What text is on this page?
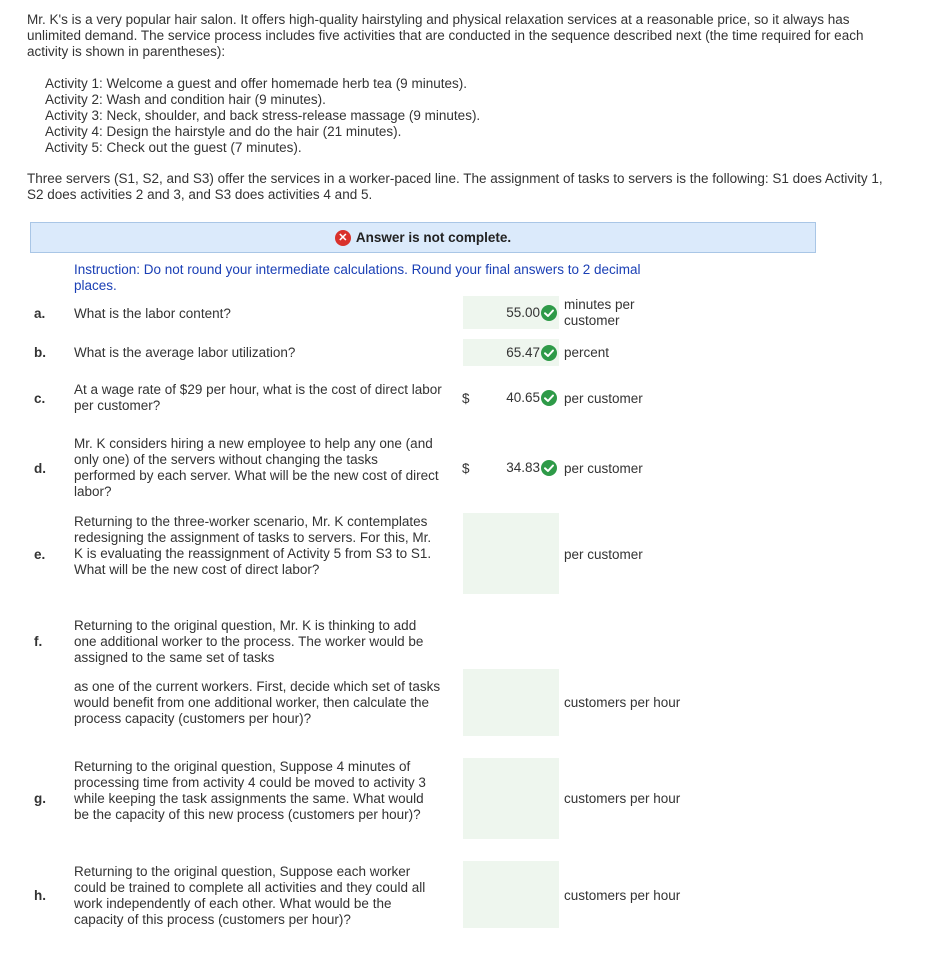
Mr. K's is a very popular hair salon. It offers high-quality hairstyling and physical relaxation services at a reasonable price, so it always has unlimited demand. The service process includes five activities that are conducted in the sequence described next (the time required for each activity is shown in parentheses):
Activity 1: Welcome a guest and offer homemade herb tea (9 minutes).
Activity 2: Wash and condition hair (9 minutes).
Activity 3: Neck, shoulder, and back stress-release massage (9 minutes).
Activity 4: Design the hairstyle and do the hair (21 minutes).
Activity 5: Check out the guest (7 minutes).
Three servers (S1, S2, and S3) offer the services in a worker-paced line. The assignment of tasks to servers is the following: S1 does Activity 1, S2 does activities 2 and 3, and S3 does activities 4 and 5.
✕ Answer is not complete.
Instruction: Do not round your intermediate calculations. Round your final answers to 2 decimal places.
a. What is the labor content?	55.00
minutes per customer
b. What is the average labor utilization?	65.47 percent
c.
At a wage rate of $29 per hour, what is the cost of direct labor per customer?	$	40.65 per customer
d.
Mr. K considers hiring a new employee to help any one (and only one) of the servers without changing the tasks performed by each server. What will be the new cost of direct labor?
$	34.83 per customer
e.
Returning to the three-worker scenario, Mr. K contemplates redesigning the assignment of tasks to servers. For this, Mr. K is evaluating the reassignment of Activity 5 from S3 to S1. What will be the new cost of direct labor?
per customer
f.
Returning to the original question, Mr. K is thinking to add one additional worker to the process. The worker would be assigned to the same set of tasks
as one of the current workers. First, decide which set of tasks would benefit from one additional worker, then calculate the process capacity (customers per hour)?
customers per hour
g.
Returning to the original question, Suppose 4 minutes of processing time from activity 4 could be moved to activity 3 while keeping the task assignments the same. What would be the capacity of this new process (customers per hour)?
customers per hour
h.
Returning to the original question, Suppose each worker could be trained to complete all activities and they could all work independently of each other. What would be the capacity of this process (customers per hour)?
customers per hour
